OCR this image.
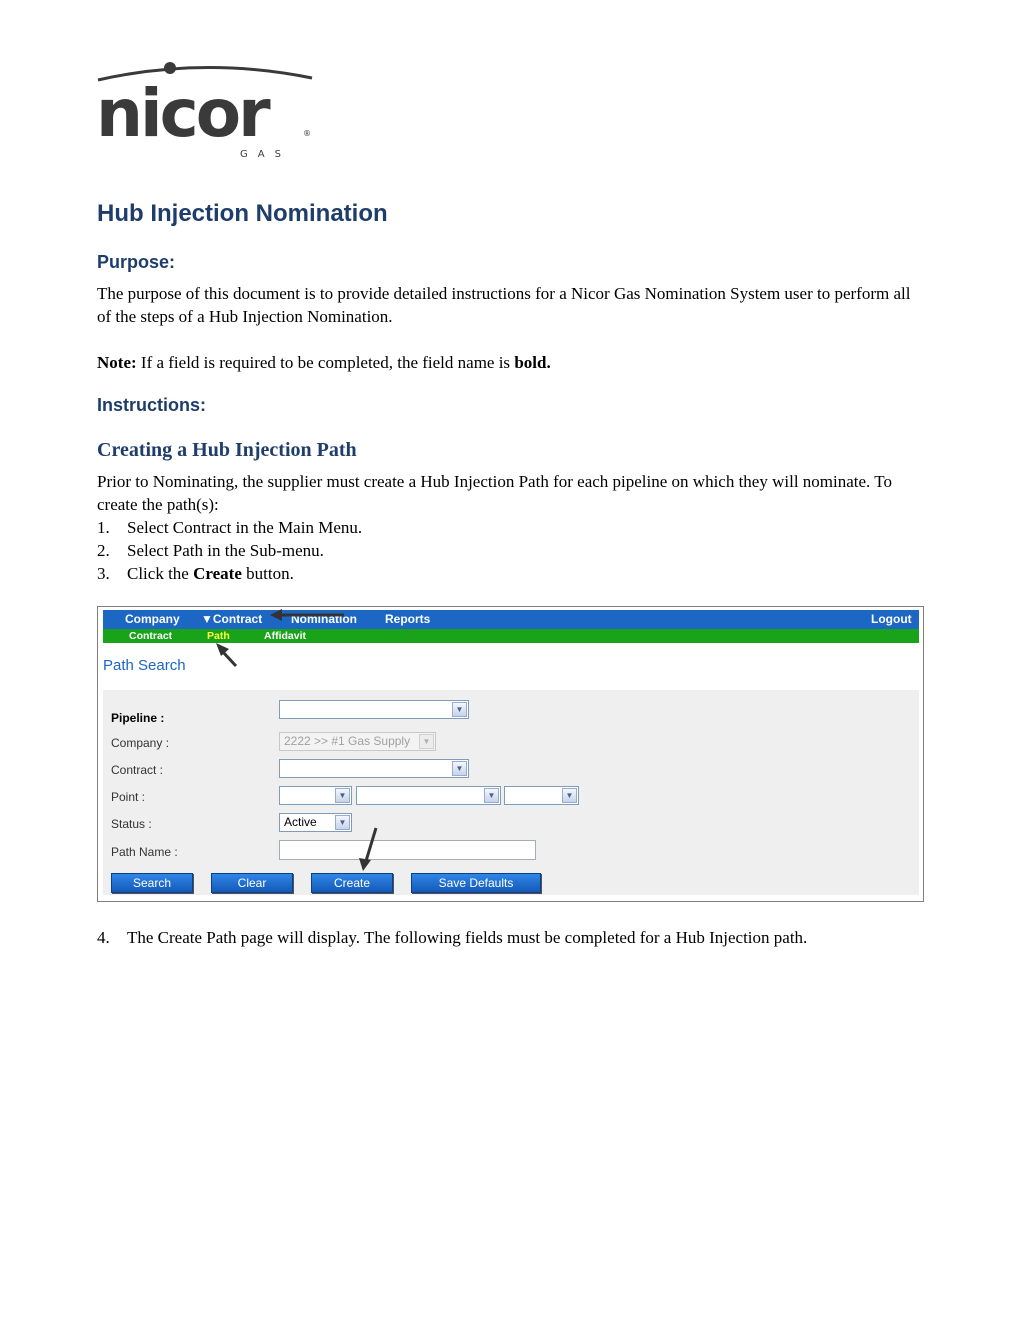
nicor	®
GAS
Hub Injection Nomination
Purpose:

The purpose of this document is to provide detailed instructions for a Nicor Gas Nomination System user to perform all of the steps of a Hub Injection Nomination.

Note: If a field is required to be completed, the field name is bold.

Instructions:
Creating a Hub Injection Path

Prior to Nominating, the supplier must create a Hub Injection Path for each pipeline on which they will nominate. To create the path(s):

1.	Select Contract in the Main Menu.
2.	Select Path in the Sub-menu.
3.	Click the Create button.
Company ▼Contract Nomination Reports	Logout
Contract	Path	Affidavit
Path Search
Pipeline :
▼
Company :	2222 >> #1 Gas Supply	▼
Contract :	▼
Point :	▼	▼	▼
Status :	Active	▼
Path Name :
Search	Clear	Create	Save Defaults
4.	The Create Path page will display. The following fields must be completed for a Hub Injection path.
